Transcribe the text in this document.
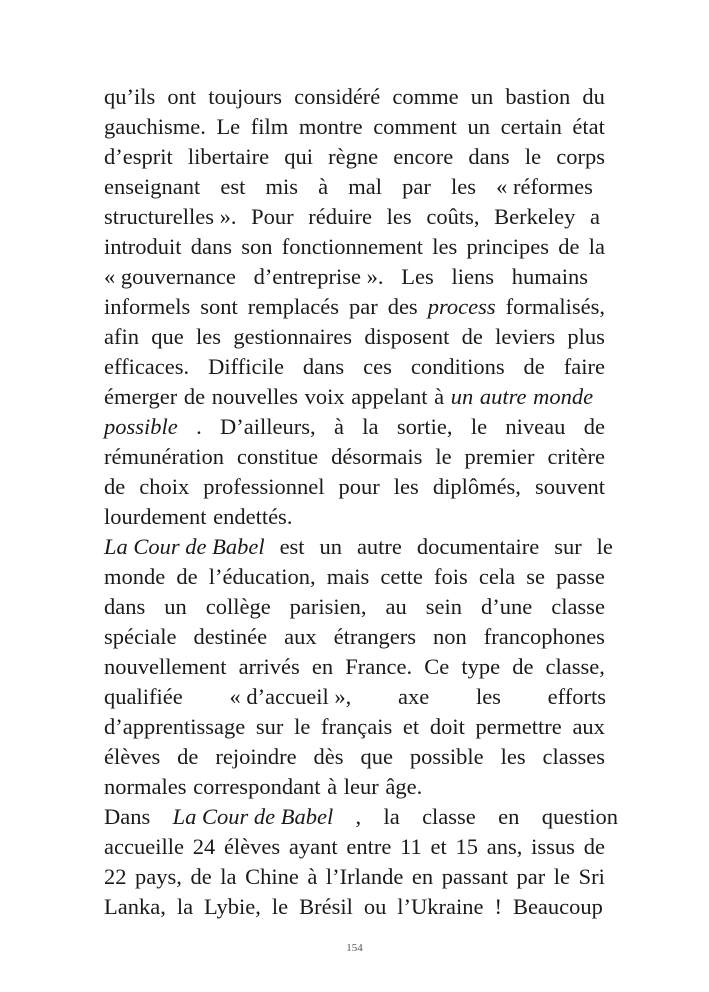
qu’ils ont toujours considéré comme un bastion du
gauchisme. Le film montre comment un certain état
d’esprit libertaire qui règne encore dans le corps
enseignant est mis à mal par les « réformes
structurelles ». Pour réduire les coûts, Berkeley a
introduit dans son fonctionnement les principes de la
« gouvernance d’entreprise ». Les liens humains
informels sont remplacés par des process formalisés,
afin que les gestionnaires disposent de leviers plus
efficaces. Difficile dans ces conditions de faire
émerger de nouvelles voix appelant à un autre monde
possible . D’ailleurs, à la sortie, le niveau de
rémunération constitue désormais le premier critère
de choix professionnel pour les diplômés, souvent
lourdement endettés.
La Cour de Babel est un autre documentaire sur le
monde de l’éducation, mais cette fois cela se passe
dans un collège parisien, au sein d’une classe
spéciale destinée aux étrangers non francophones
nouvellement arrivés en France. Ce type de classe,
qualifiée « d’accueil », axe les efforts
d’apprentissage sur le français et doit permettre aux
élèves de rejoindre dès que possible les classes
normales correspondant à leur âge.
Dans La Cour de Babel , la classe en question
accueille 24 élèves ayant entre 11 et 15 ans, issus de
22 pays, de la Chine à l’Irlande en passant par le Sri
Lanka, la Lybie, le Brésil ou l’Ukraine ! Beaucoup
154
